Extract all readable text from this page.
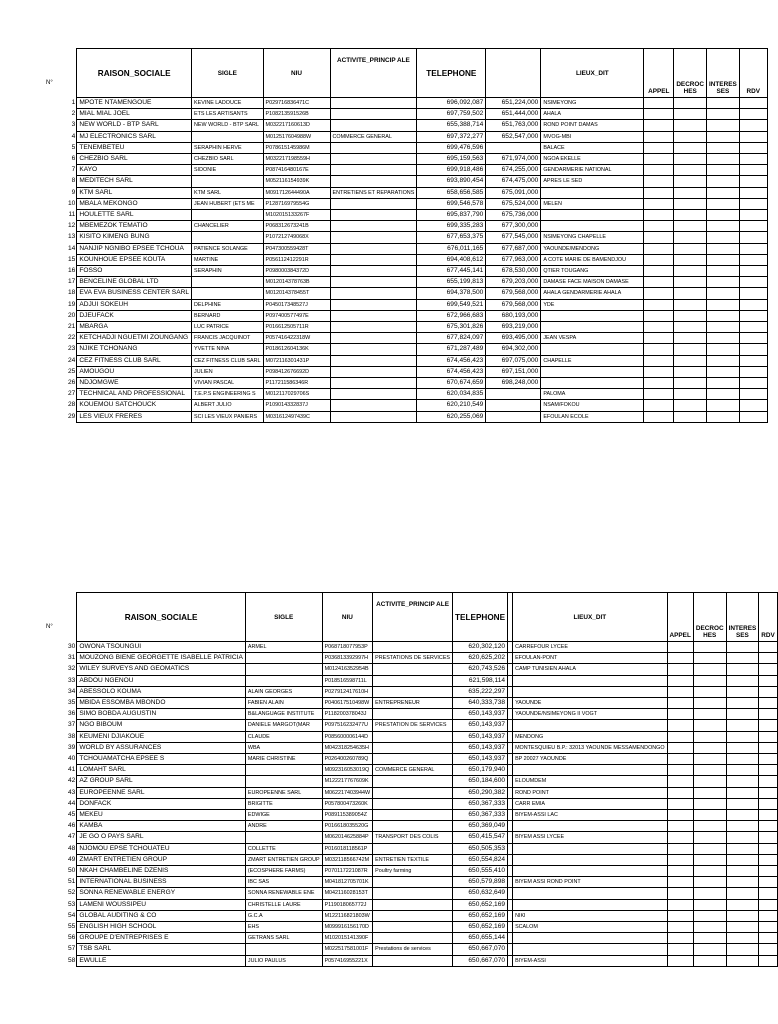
N°
	RAISON_SOCIALE	SIGLE	NIU	ACTIVITE_PRINCIP ALE	TELEPHONE		LIEUX_DIT	APPEL	DECROC HES	INTERES SES	RDV
1	MPOTE NTAMENGOUE	KEVINE LADOUCE	P029716836471C		696,092,087	651,224,000	NSIMEYONG				
2	MIAL MIAL JOEL	ETS LES ARTISANTS	P108213591526B		697,759,502	651,444,000	AHALA				
3	NEW WORLD - BTP SARL	NEW WORLD - BTP SARL	M032217160613D		655,388,714	651,763,000	ROND POINT DAMAS				
4	MJ ELECTRONICS SARL		M012517604988W	COMMERCE GENERAL	697,372,277	652,547,000	MVOG-MBI				
5	TENEMBETEU	SERAPHIN HERVE	P078615145986M		699,476,596		BALACE				
6	CHEZBIO SARL	CHEZBIO SARL	M032217198559H		695,159,563	671,974,000	NGOA EKELLE				
7	KAYO	SIDONIE	P087416480167E		699,918,486	674,255,000	GENDARMERIE NATIONAL				
8	MEDITECH SARL		M052116154939K		693,890,454	674,475,000	APRES LE SED				
9	KTM SARL	KTM SARL	M091712644490A	ENTRETIENS ET REPARATIONS	658,656,585	675,091,000					
10	MBALA MEKONGO	JEAN HUBERT (ETS ME	P128716979554G		699,546,578	675,524,000	MELEN				
11	HOULETTE SARL		M102015133267F		695,837,790	675,736,000					
12	MBEMEZOK TEMATIO	CHANCELIER	P068312673241B		699,335,283	677,300,000					
13	KISITO KIMENG BUNG		P107212749068X		677,653,375	677,545,000	NSIMEYONG CHAPELLE				
14	NANJIP NGNIBO EPSEE TCHOUA	PATIENCE SOLANGE	P047300559428T		676,011,165	677,687,000	YAOUNDE/MENDONG				
15	KOUNHOUE EPSEE KOUTA	MARTINE	P056112412291R		694,408,612	677,963,000	A COTE MARIE DE BAMENDJOU				
16	FOSSO	SERAPHIN	P098000384372D		677,445,141	678,530,000	QTIER TOUGANG				
17	BENCELINE GLOBAL LTD		M012014378763B		655,199,813	679,203,000	DAMASE FACE MAISON DAMASE				
18	EVA EVA BUSINESS CENTER SARL		M012014378455T		694,378,500	679,568,000	AHALA GENDARMERIE AHALA				
19	ADJUI SOKEUH	DELPHINE	P045017348527J		699,549,521	679,568,000	YDE				
20	DJEUFACK	BERNARD	P097400577497E		672,966,683	680,193,000					
21	MBARGA	LUC PATRICE	P016612505711R		675,301,826	693,219,000					
22	KETCHADJI NGUETMI ZOUNGANG	FRANCIS JACQUINOT	P057416422318W		677,824,097	693,495,000	JEAN VESPA				
23	NJIKE TCHONANG	YVETTE NINA	P018612604136K		671,287,489	694,302,000					
24	CEZ FITNESS CLUB SARL	CEZ FITNESS CLUB SARL	M072116301431P		674,456,423	697,075,000	CHAPELLE				
25	AMOUGOU	JULIEN	P098412676692D		674,456,423	697,151,000					
26	NDJOMGWE	VIVIAN PASCAL	P117211586346R		670,674,659	698,248,000					
27	TECHNICAL AND PROFESSIONAL	T.E.P.S ENGINEERING S	M012117029706S		620,034,835		PALOMA				
28	KOUEMOU SATCHOUCK	ALBERT JULIO	P109014332837J		620,210,549		NSAM/FOKOU				
29	LES VIEUX FRERES	SCI LES VIEUX PANIERS	M031612497439C		620,255,069		EFOULAN ECOLE				
N°
	RAISON_SOCIALE	SIGLE	NIU	ACTIVITE_PRINCIP ALE	TELEPHONE		LIEUX_DIT	APPEL	DECROC HES	INTERES SES	RDV
30	OWONA TSOUNGUI	ARMEL	P068718077953P		620,302,120		CARREFOUR LYCEE				
31	MOUZONG BIENE GEORGETTE ISABELLE PATRICIA		P036813392997H	PRESTATIONS DE SERVICES	620,625,202		EFOULAN-PONT				
32	WILEY SURVEYS AND GEOMATICS		M012416352954B		620,743,526		CAMP TUNISIEN AHALA				
33	ABDOU NGENOU		P018516598711L		621,598,114						
34	ABESSOLO KOUMA	ALAIN GEORGES	P027912417610H		635,222,297						
35	MBIDA ESSOMBA MBONDO	FABIEN ALAIN	P040617510498W	ENTREPRENEUR	640,333,738		YAOUNDE				
36	SIMO BOBDA AUGUSTIN	B&LANGUAGE INSTITUTE	P118200378043J		650,143,937		YAOUNDE/NSIMEYONG II VOGT				
37	NGO BIBOUM	DANIELE MARGOT(MAR	P097516232477U	PRESTATION DE SERVICES	650,143,937						
38	KEUMENI DJIAKOUE	CLAUDE	P085600006144D		650,143,937		MENDONG				
39	WORLD BY ASSURANCES	WBA	M042318254635H		650,143,937		MONTESQUIEU B.P.: 32013 YAOUNDE MESSAMENDONGO				
40	TCHOUAMATCHA EPSEE S	MARIE CHRISTINE	P026400260789Q		650,143,937		BP 20027 YAOUNDE				
41	LOMAHT SARL		M092316053019Q	COMMERCE GENERAL	650,179,940						
42	AZ GROUP SARL		M122217767609K		650,184,600		ELOUMDEM				
43	EUROPEENNE SARL	EUROPEENNE SARL	M062217403944W		650,290,382		ROND POINT				
44	DONFACK	BRIGITTE	P057800473260K		650,367,333		CARR EMIA				
45	MEKEU	EDWIGE	P089115389054Z		650,367,333		BIYEM-ASSI LAC				
46	KAMBA	ANDRE	P016618035520G		650,369,049						
47	JE GO O PAYS SARL		M062014625884P	TRANSPORT DES COLIS	650,415,547		BIYEM ASSI LYCEE				
48	NJOMOU EPSE TCHOUATEU	COLLETTE	P016018118561P		650,505,353						
49	ZMART ENTRETIEN GROUP	ZMART ENTRETIEN GROUP	M032118566742M	ENTRETIEN TEXTILE	650,554,824						
50	NKAH CHAMBELINE DZENIS	(ECOSPHERE FARMS)	P070117221087R	Poultry farming	650,555,410						
51	INTERNATIONAL BUSINESS	IBC SAS	M041812705701K		650,579,898		BIYEM ASSI ROND POINT				
52	SONNA RENEWABLE ENERGY	SONNA RENEWABLE ENE	M042116028153T		650,632,649						
53	LAMENI WOUSSIPEU	CHRISTELLE LAURE	P119018065772J		650,652,169						
54	GLOBAL AUDITING & CO	G.C.A	M122116821803W		650,652,169		NIKI				
55	ENGLISH HIGH SCHOOL	EHS	M099916156170D		650,652,169		SCALOM				
56	GROUPE D'ENTREPRISES E	GETRANS SARL	M102015141390F		650,655,144						
57	TSB SARL		M022517581001F	Prestations de services	650,667,070						
58	EWULLE	JULIO PAULUS	P057416955221X		650,667,070		BIYEM-ASSI				
